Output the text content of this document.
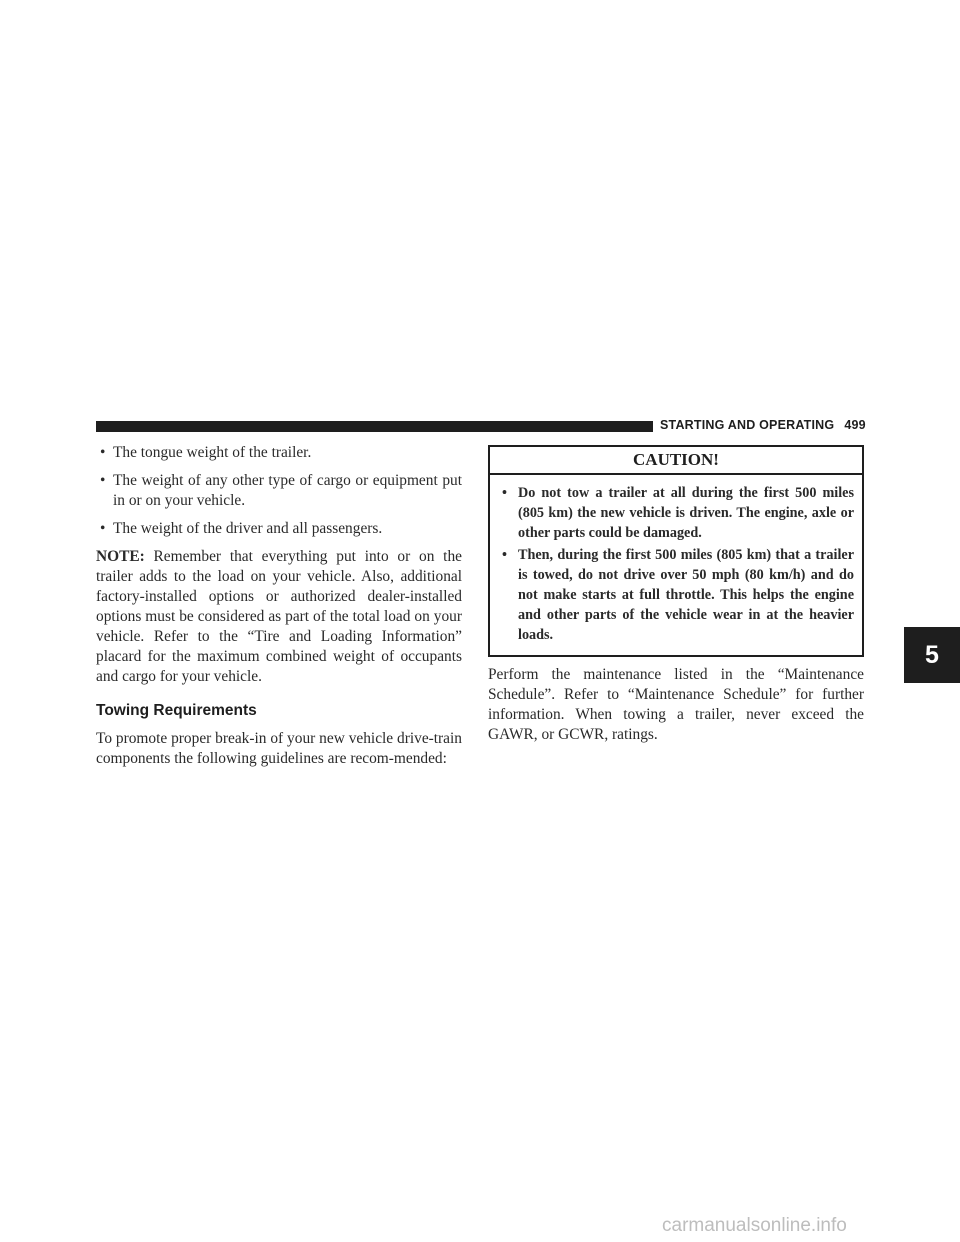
STARTING AND OPERATING 499
5
• The tongue weight of the trailer.
• The weight of any other type of cargo or equipment put in or on your vehicle.
• The weight of the driver and all passengers.

NOTE: Remember that everything put into or on the trailer adds to the load on your vehicle. Also, additional factory-installed options or authorized dealer-installed options must be considered as part of the total load on your vehicle. Refer to the “Tire and Loading Information” placard for the maximum combined weight of occupants and cargo for your vehicle.

Towing Requirements

To promote proper break-in of your new vehicle drive-train components the following guidelines are recom-mended:

CAUTION!
• Do not tow a trailer at all during the first 500 miles (805 km) the new vehicle is driven. The engine, axle or other parts could be damaged.
• Then, during the first 500 miles (805 km) that a trailer is towed, do not drive over 50 mph (80 km/h) and do not make starts at full throttle. This helps the engine and other parts of the vehicle wear in at the heavier loads.

Perform the maintenance listed in the “Maintenance Schedule”. Refer to “Maintenance Schedule” for further information. When towing a trailer, never exceed the GAWR, or GCWR, ratings.

carmanualsonline.info
